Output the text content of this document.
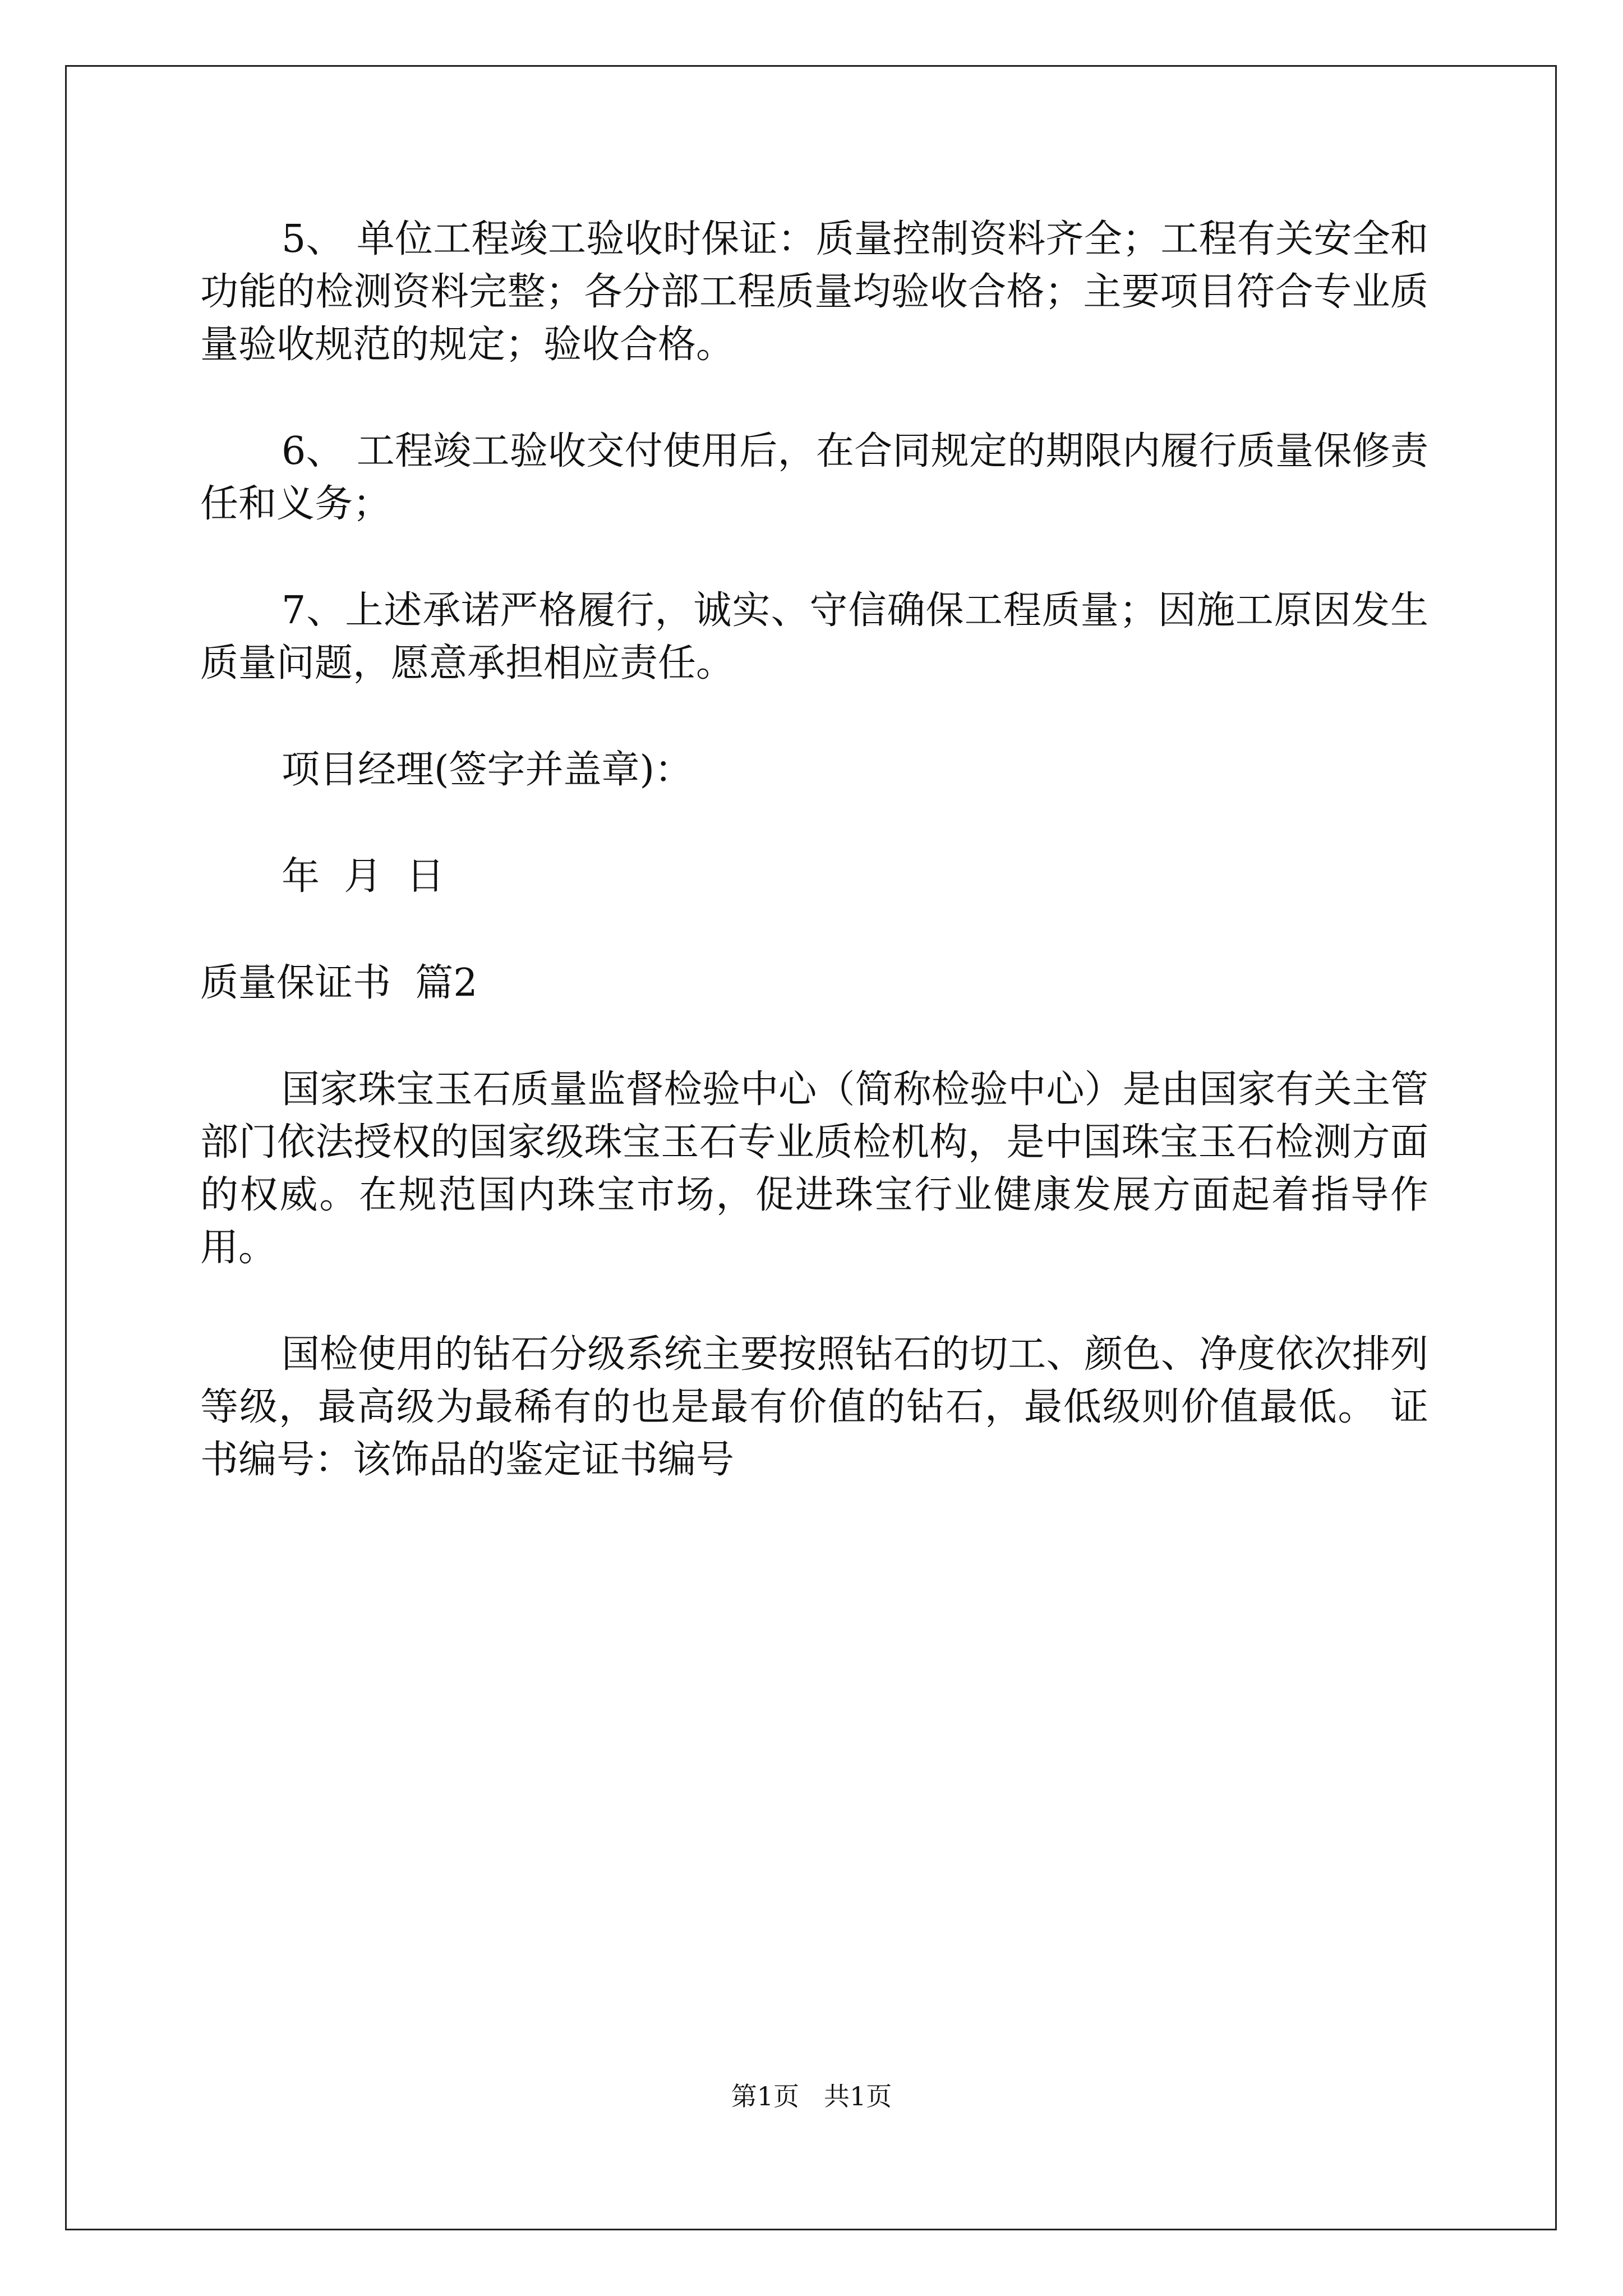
5、 单位工程竣工验收时保证：质量控制资料齐全；工程有关安全和功能的检测资料完整；各分部工程质量均验收合格；主要项目符合专业质量验收规范的规定；验收合格。

6、 工程竣工验收交付使用后，在合同规定的期限内履行质量保修责任和义务；

7、上述承诺严格履行，诚实、守信确保工程质量；因施工原因发生质量问题，愿意承担相应责任。

项目经理(签字并盖章)：

年  月  日

质量保证书  篇2

国家珠宝玉石质量监督检验中心（简称检验中心）是由国家有关主管部门依法授权的国家级珠宝玉石专业质检机构，是中国珠宝玉石检测方面的权威。在规范国内珠宝市场，促进珠宝行业健康发展方面起着指导作用。

国检使用的钻石分级系统主要按照钻石的切工、颜色、净度依次排列等级，最高级为最稀有的也是最有价值的钻石，最低级则价值最低。 证书编号：该饰品的鉴定证书编号

第1页 共1页
